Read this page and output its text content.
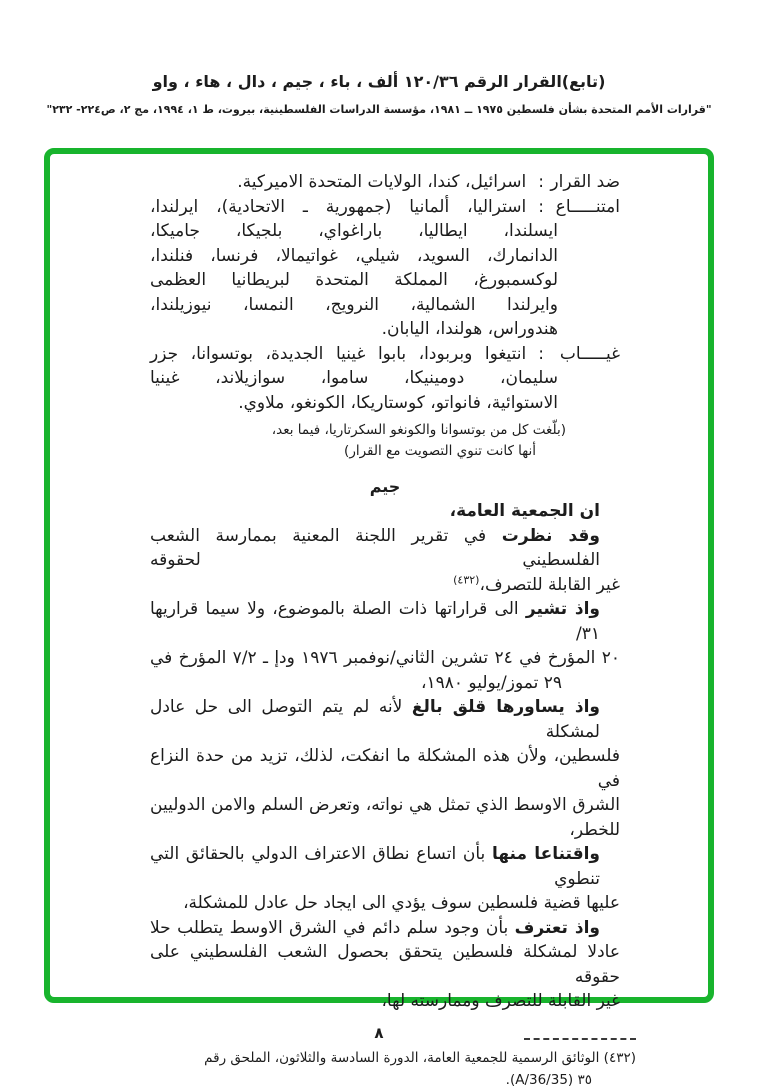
(تابع)القرار الرقم ١٢٠/٣٦ ألف ، باء ، جيم ، دال ، هاء ، واو
"قرارات الأمم المتحدة بشأن فلسطين ١٩٧٥ ــ ١٩٨١، مؤسسة الدراسات الفلسطينية، بيروت، ط ١، ١٩٩٤، مج ٢، ص٢٢٤- ٢٣٢"
ضد القرار
:
اسرائيل، كندا، الولايات المتحدة الاميركية.
امتنـــــاع
:
استراليا، ألمانيا (جمهورية ـ الاتحادية)، ايرلندا،
ايسلندا، ايطاليا، باراغواي، بلجيكا، جاميكا،
الدانمارك، السويد، شيلي، غواتيمالا، فرنسا، فنلندا،
لوكسمبورغ، المملكة المتحدة لبريطانيا العظمى
وايرلندا الشمالية، النرويج، النمسا، نيوزيلندا،
هندوراس، هولندا، اليابان.
غيـــــاب
:
انتيغوا وبربودا، بابوا غينيا الجديدة، بوتسوانا، جزر
سليمان، دومينيكا، ساموا، سوازيلاند، غينيا
الاستوائية، فانواتو، كوستاريكا، الكونغو، ملاوي.
(بلّغت كل من بوتسوانا والكونغو السكرتاريا، فيما بعد،
أنها كانت تنوي التصويت مع القرار)
جيم
ان الجمعية العامة،
وقد نظرت في تقرير اللجنة المعنية بممارسة الشعب الفلسطيني لحقوقه
غير القابلة للتصرف،$^{(٤٣٢)}$
واذ تشير الى قراراتها ذات الصلة بالموضوع، ولا سيما قراريها ٣١/
٢٠ المؤرخ في ٢٤ تشرين الثاني/نوفمبر ١٩٧٦ ودإ ـ ٧/٢ المؤرخ في
٢٩ تموز/يوليو ١٩٨٠،
واذ يساورها قلق بالغ لأنه لم يتم التوصل الى حل عادل لمشكلة
فلسطين، ولأن هذه المشكلة ما انفكت، لذلك، تزيد من حدة النزاع في
الشرق الاوسط الذي تمثل هي نواته، وتعرض السلم والامن الدوليين
للخطر،
واقتناعا منها بأن اتساع نطاق الاعتراف الدولي بالحقائق التي تنطوي
عليها قضية فلسطين سوف يؤدي الى ايجاد حل عادل للمشكلة،
واذ تعترف بأن وجود سلم دائم في الشرق الاوسط يتطلب حلا
عادلا لمشكلة فلسطين يتحقق بحصول الشعب الفلسطيني على حقوقه
غير القابلة للتصرف وممارسته لها،
(٤٣٢) الوثائق الرسمية للجمعية العامة، الدورة السادسة والثلاثون، الملحق رقم
٣٥ (A/36/35).
٨
